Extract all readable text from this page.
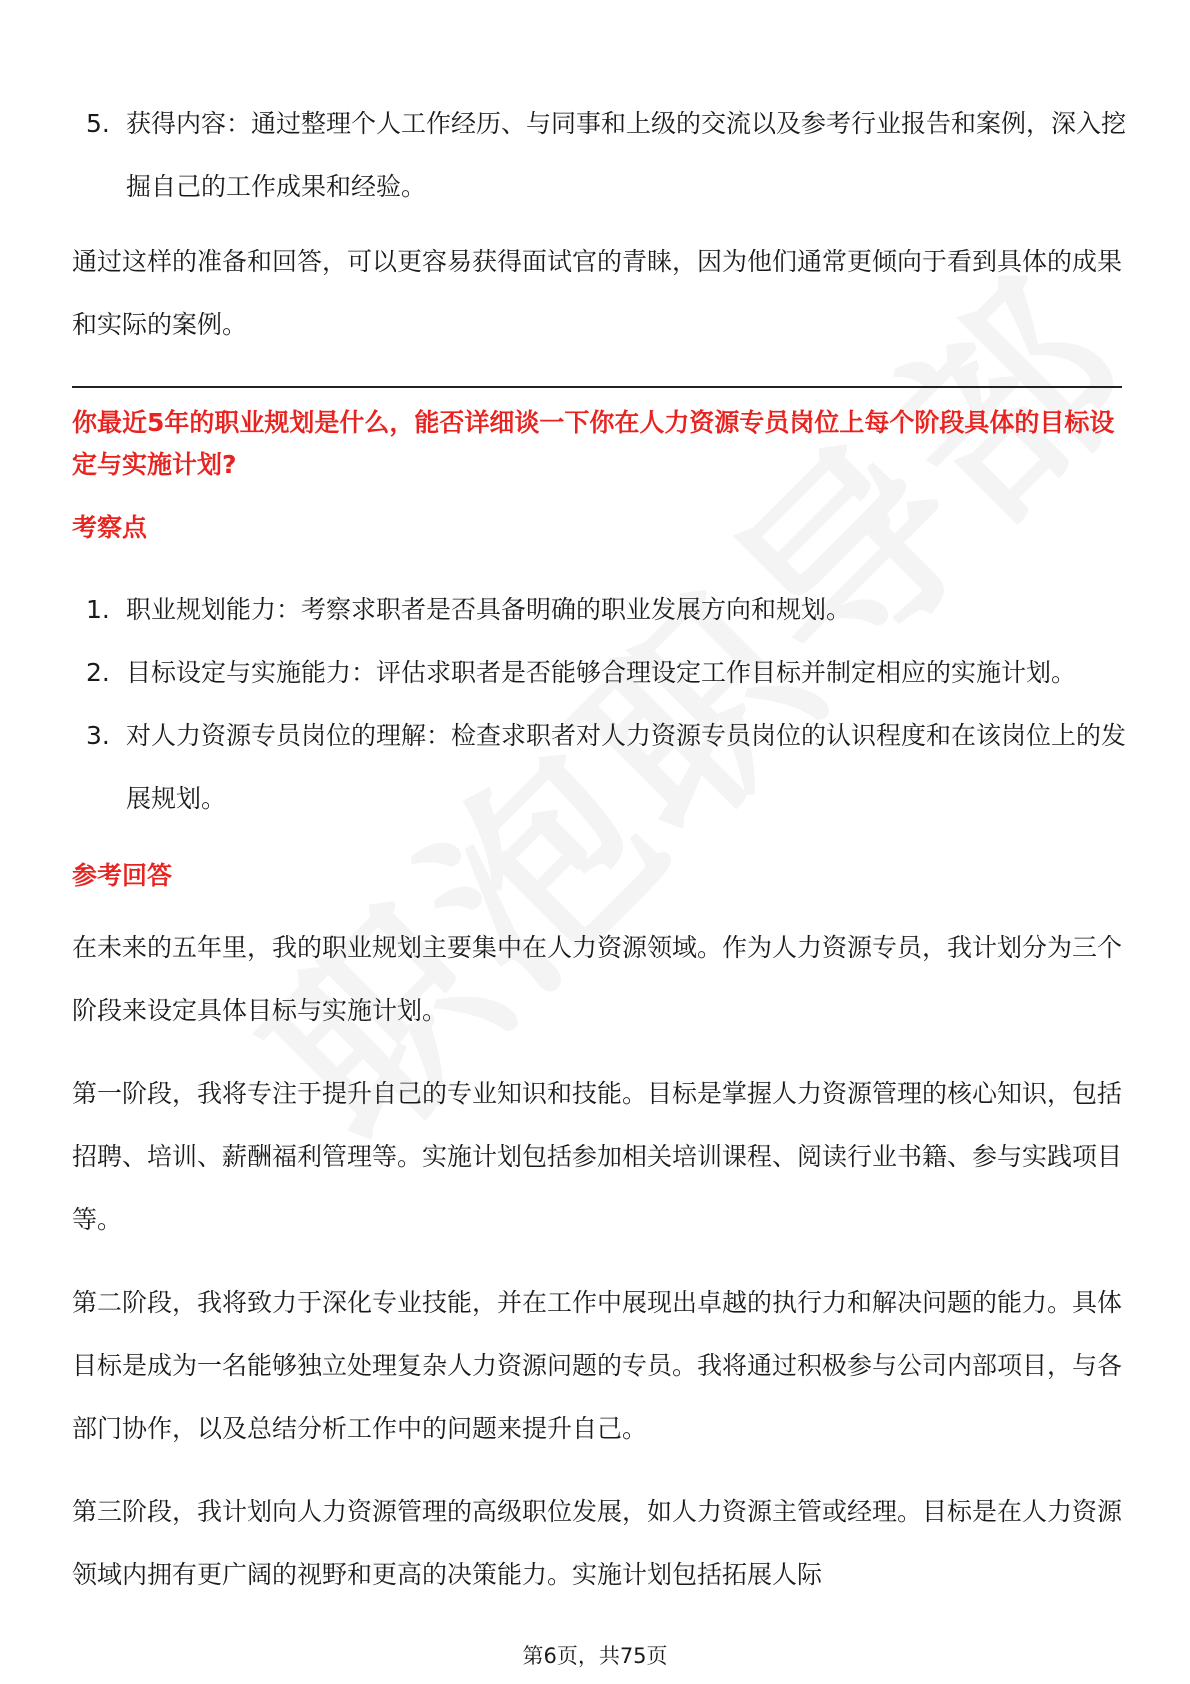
5. 获得内容：通过整理个人工作经历、与同事和上级的交流以及参考行业报告和案例，深入挖掘自己的工作成果和经验。

通过这样的准备和回答，可以更容易获得面试官的青睐，因为他们通常更倾向于看到具体的成果和实际的案例。

你最近5年的职业规划是什么，能否详细谈一下你在人力资源专员岗位上每个阶段具体的目标设定与实施计划?

考察点

1. 职业规划能力：考察求职者是否具备明确的职业发展方向和规划。
2. 目标设定与实施能力：评估求职者是否能够合理设定工作目标并制定相应的实施计划。
3. 对人力资源专员岗位的理解：检查求职者对人力资源专员岗位的认识程度和在该岗位上的发展规划。

参考回答

在未来的五年里，我的职业规划主要集中在人力资源领域。作为人力资源专员，我计划分为三个阶段来设定具体目标与实施计划。

第一阶段，我将专注于提升自己的专业知识和技能。目标是掌握人力资源管理的核心知识，包括招聘、培训、薪酬福利管理等。实施计划包括参加相关培训课程、阅读行业书籍、参与实践项目等。

第二阶段，我将致力于深化专业技能，并在工作中展现出卓越的执行力和解决问题的能力。具体目标是成为一名能够独立处理复杂人力资源问题的专员。我将通过积极参与公司内部项目，与各部门协作，以及总结分析工作中的问题来提升自己。

第三阶段，我计划向人力资源管理的高级职位发展，如人力资源主管或经理。目标是在人力资源领域内拥有更广阔的视野和更高的决策能力。实施计划包括拓展人际

第6页，共75页
